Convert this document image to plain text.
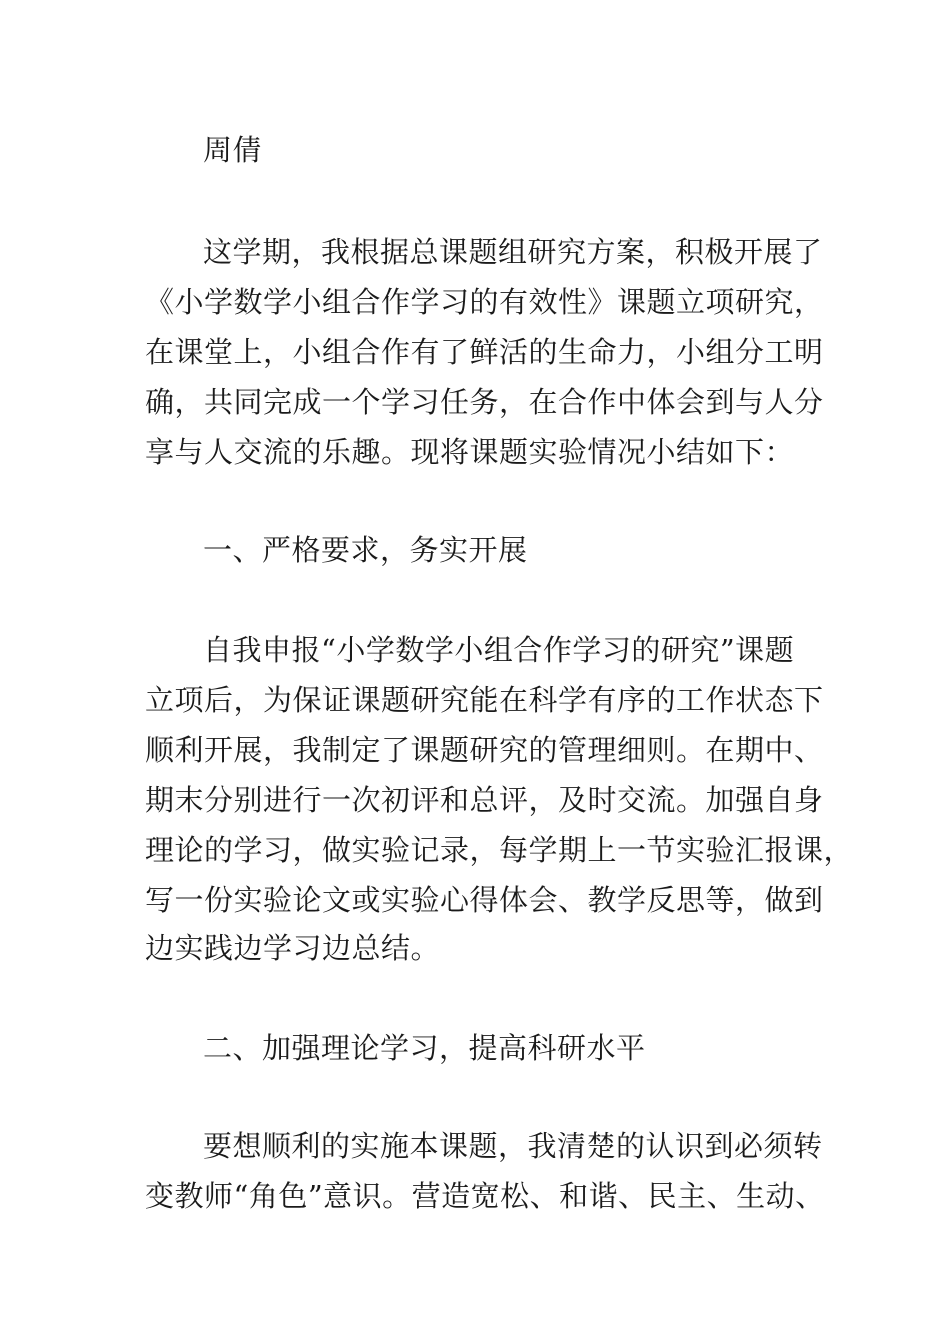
周倩
这学期，我根据总课题组研究方案，积极开展了
《小学数学小组合作学习的有效性》课题立项研究，
在课堂上，小组合作有了鲜活的生命力，小组分工明
确，共同完成一个学习任务，在合作中体会到与人分
享与人交流的乐趣。现将课题实验情况小结如下：
一、严格要求，务实开展
自我申报“小学数学小组合作学习的研究”课题
立项后，为保证课题研究能在科学有序的工作状态下
顺利开展，我制定了课题研究的管理细则。在期中、
期末分别进行一次初评和总评，及时交流。加强自身
理论的学习，做实验记录，每学期上一节实验汇报课，
写一份实验论文或实验心得体会、教学反思等，做到
边实践边学习边总结。
二、加强理论学习，提高科研水平
要想顺利的实施本课题，我清楚的认识到必须转
变教师“角色”意识。营造宽松、和谐、民主、生动、
